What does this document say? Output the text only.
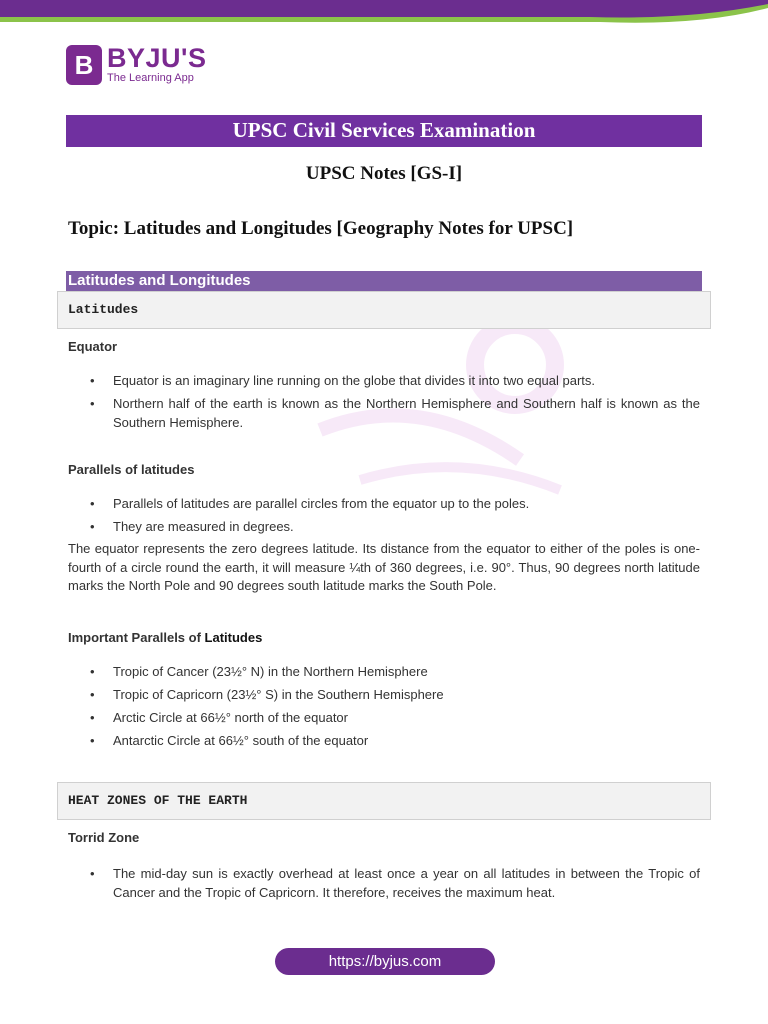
B BYJU'S
The Learning App
UPSC Civil Services Examination
UPSC Notes [GS-I]
Topic: Latitudes and Longitudes [Geography Notes for UPSC]
Latitudes and Longitudes
Latitudes
Equator
• Equator is an imaginary line running on the globe that divides it into two equal parts.
• Northern half of the earth is known as the Northern Hemisphere and Southern half is known as the Southern Hemisphere.
Parallels of latitudes
• Parallels of latitudes are parallel circles from the equator up to the poles.
• They are measured in degrees.
The equator represents the zero degrees latitude. Its distance from the equator to either of the poles is one-fourth of a circle round the earth, it will measure ¼th of 360 degrees, i.e. 90°. Thus, 90 degrees north latitude marks the North Pole and 90 degrees south latitude marks the South Pole.
Important Parallels of Latitudes
• Tropic of Cancer (23½° N) in the Northern Hemisphere
• Tropic of Capricorn (23½° S) in the Southern Hemisphere
• Arctic Circle at 66½° north of the equator
• Antarctic Circle at 66½° south of the equator
HEAT ZONES OF THE EARTH
Torrid Zone
• The mid-day sun is exactly overhead at least once a year on all latitudes in between the Tropic of Cancer and the Tropic of Capricorn. It therefore, receives the maximum heat.
https://byjus.com
